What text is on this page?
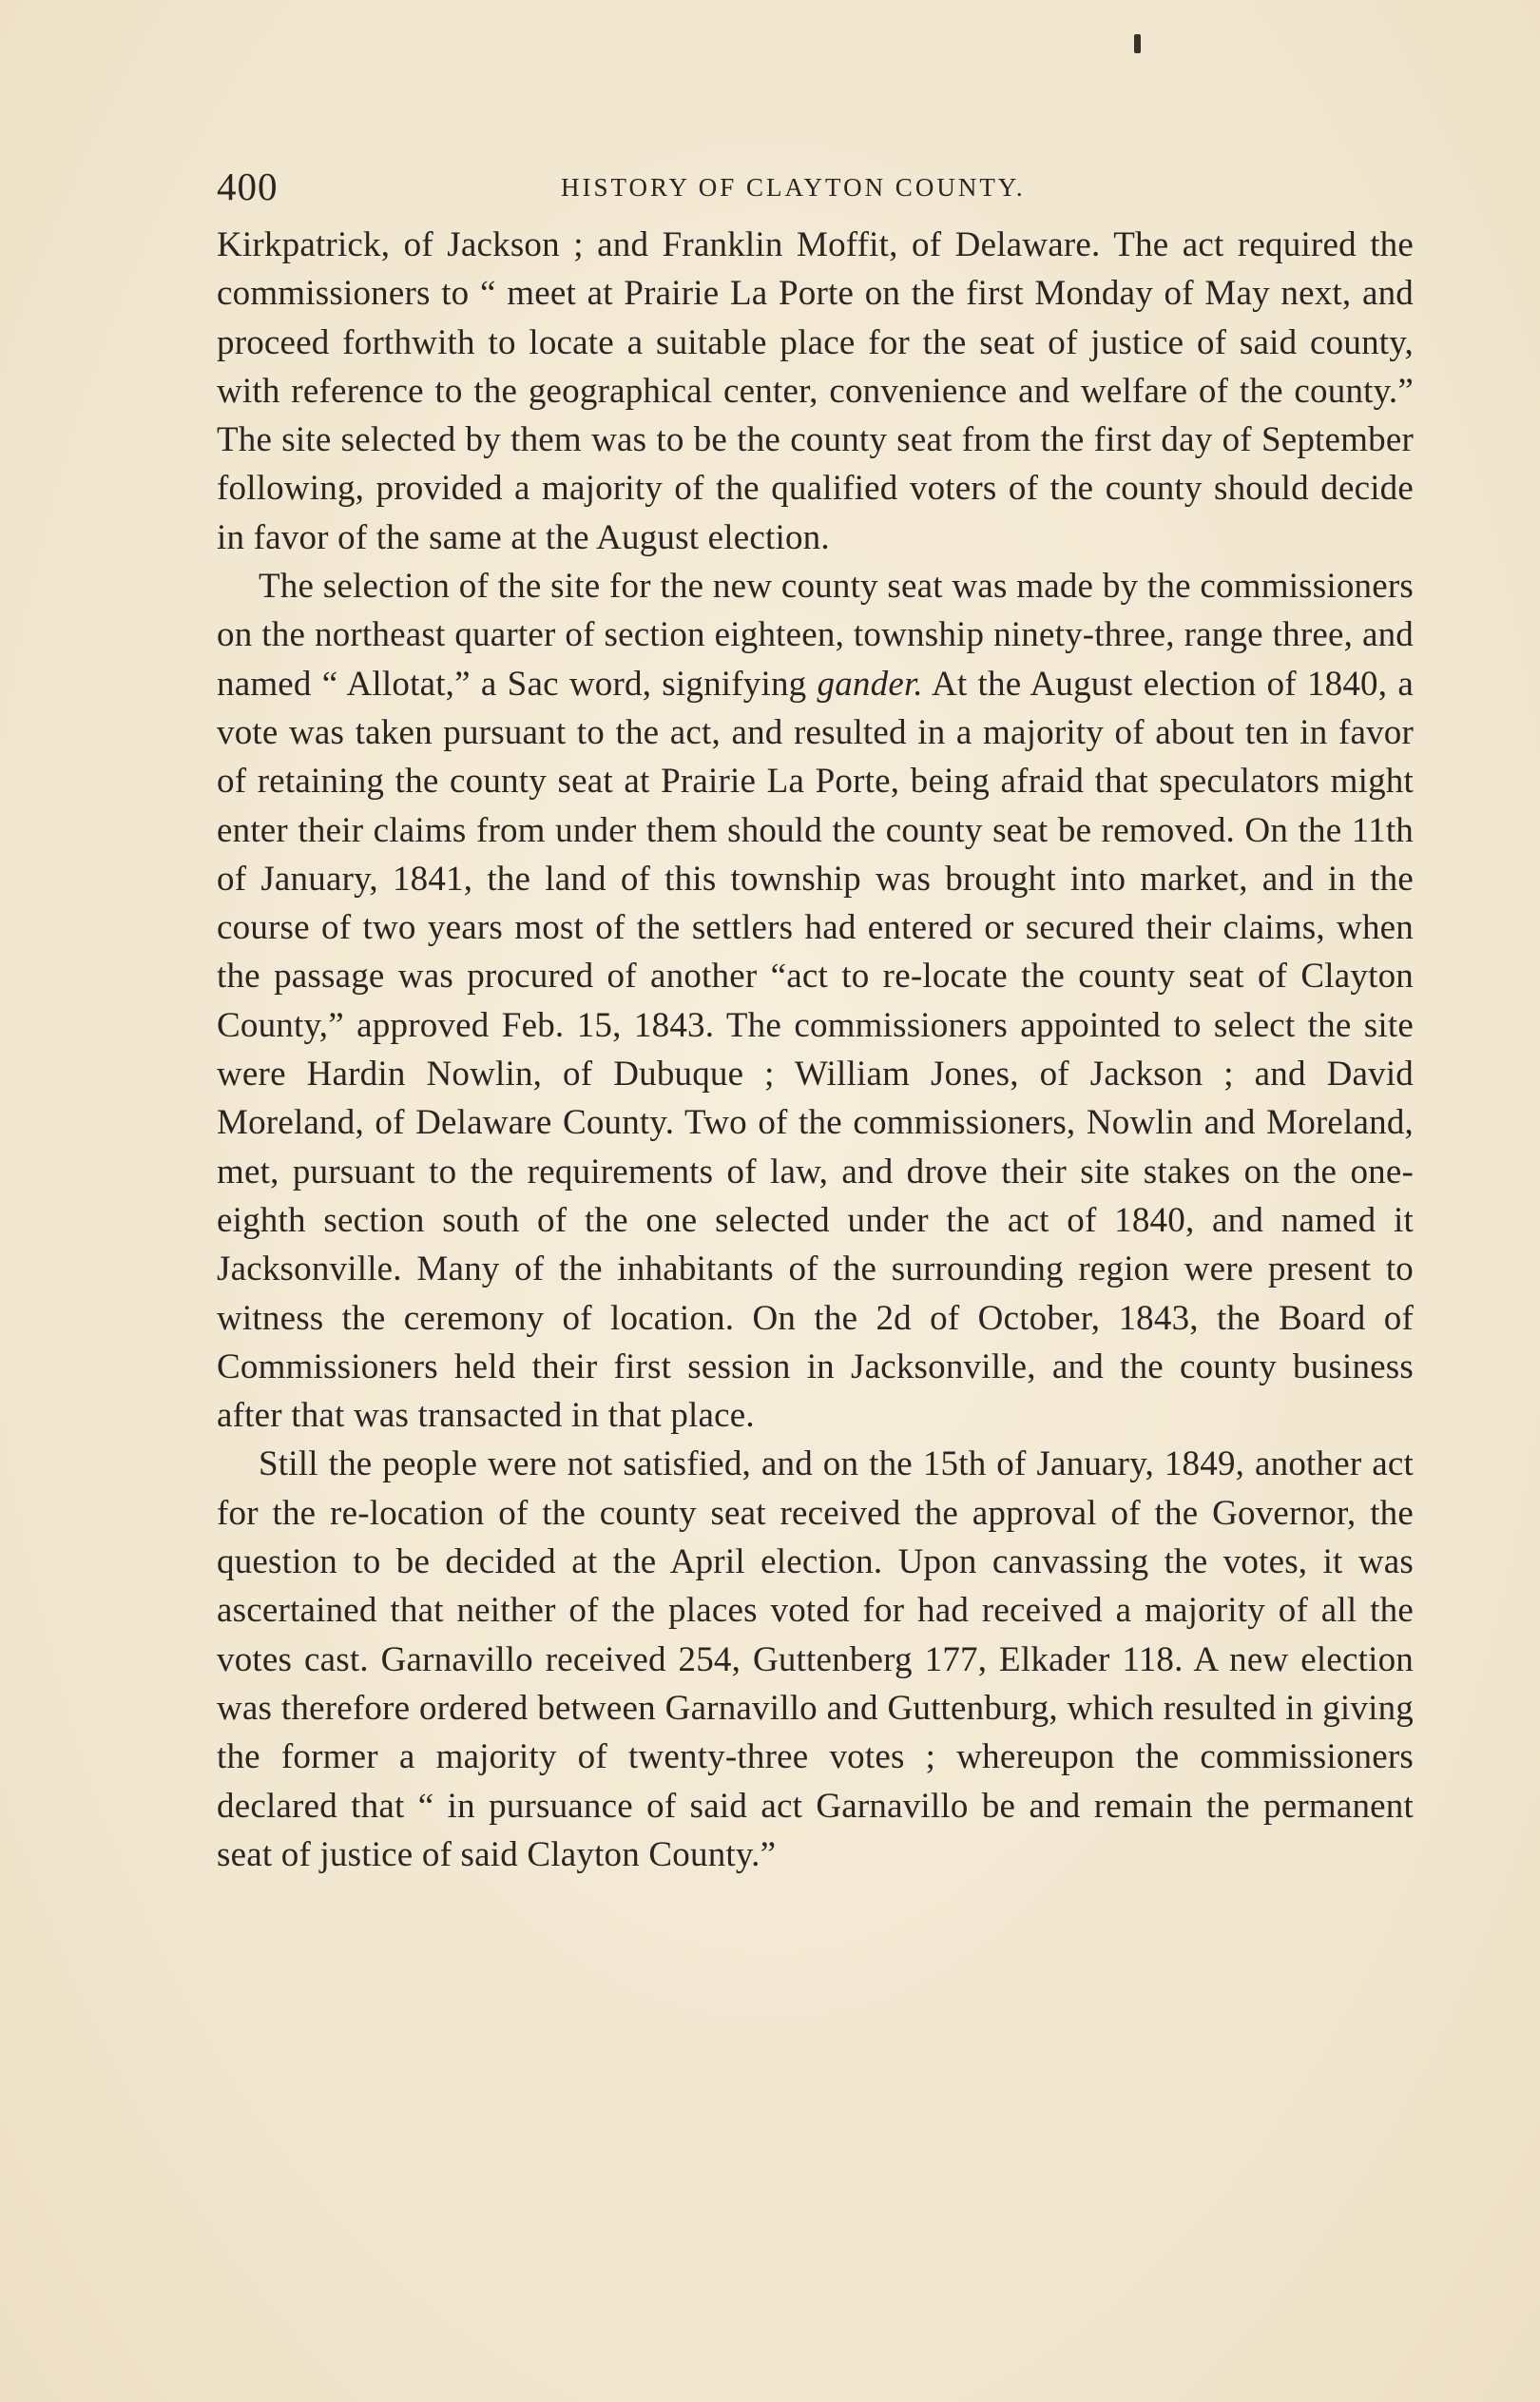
400	HISTORY OF CLAYTON COUNTY.

Kirkpatrick, of Jackson ; and Franklin Moffit, of Delaware. The act required the commissioners to “ meet at Prairie La Porte on the first Monday of May next, and proceed forthwith to locate a suitable place for the seat of justice of said county, with reference to the geographical center, convenience and welfare of the county.” The site selected by them was to be the county seat from the first day of September following, provided a majority of the qualified voters of the county should decide in favor of the same at the August election.

The selection of the site for the new county seat was made by the commissioners on the northeast quarter of section eighteen, township ninety-three, range three, and named “ Allotat,” a Sac word, signifying gander. At the August election of 1840, a vote was taken pursuant to the act, and resulted in a majority of about ten in favor of retaining the county seat at Prairie La Porte, being afraid that speculators might enter their claims from under them should the county seat be removed. On the 11th of January, 1841, the land of this township was brought into market, and in the course of two years most of the settlers had entered or secured their claims, when the passage was procured of another “act to re-locate the county seat of Clayton County,” approved Feb. 15, 1843. The commissioners appointed to select the site were Hardin Nowlin, of Dubuque ; William Jones, of Jackson ; and David Moreland, of Delaware County. Two of the commissioners, Nowlin and Moreland, met, pursuant to the requirements of law, and drove their site stakes on the one-eighth section south of the one selected under the act of 1840, and named it Jacksonville. Many of the inhabitants of the surrounding region were present to witness the ceremony of location. On the 2d of October, 1843, the Board of Commissioners held their first session in Jacksonville, and the county business after that was transacted in that place.

Still the people were not satisfied, and on the 15th of January, 1849, another act for the re-location of the county seat received the approval of the Governor, the question to be decided at the April election. Upon canvassing the votes, it was ascertained that neither of the places voted for had received a majority of all the votes cast. Garnavillo received 254, Guttenberg 177, Elkader 118. A new election was therefore ordered between Garnavillo and Guttenburg, which resulted in giving the former a majority of twenty-three votes ; whereupon the commissioners declared that “ in pursuance of said act Garnavillo be and remain the permanent seat of justice of said Clayton County.”
